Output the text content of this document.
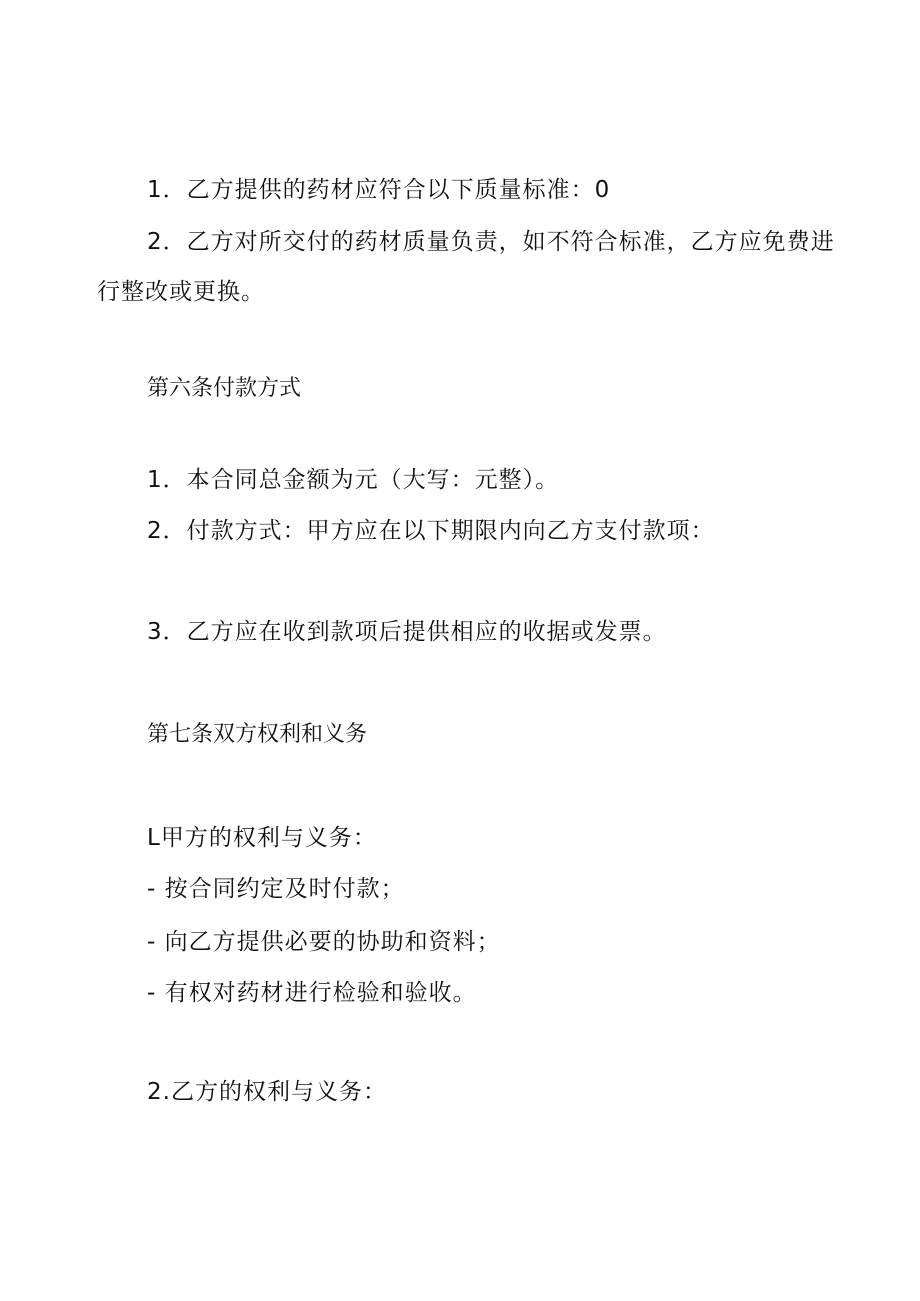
1．乙方提供的药材应符合以下质量标准：0
2．乙方对所交付的药材质量负责，如不符合标准，乙方应免费进
行整改或更换。
第六条付款方式
1．本合同总金额为元（大写：元整）。
2．付款方式：甲方应在以下期限内向乙方支付款项：
3．乙方应在收到款项后提供相应的收据或发票。
第七条双方权利和义务
L甲方的权利与义务：
- 按合同约定及时付款；
- 向乙方提供必要的协助和资料；
- 有权对药材进行检验和验收。
2.乙方的权利与义务：
